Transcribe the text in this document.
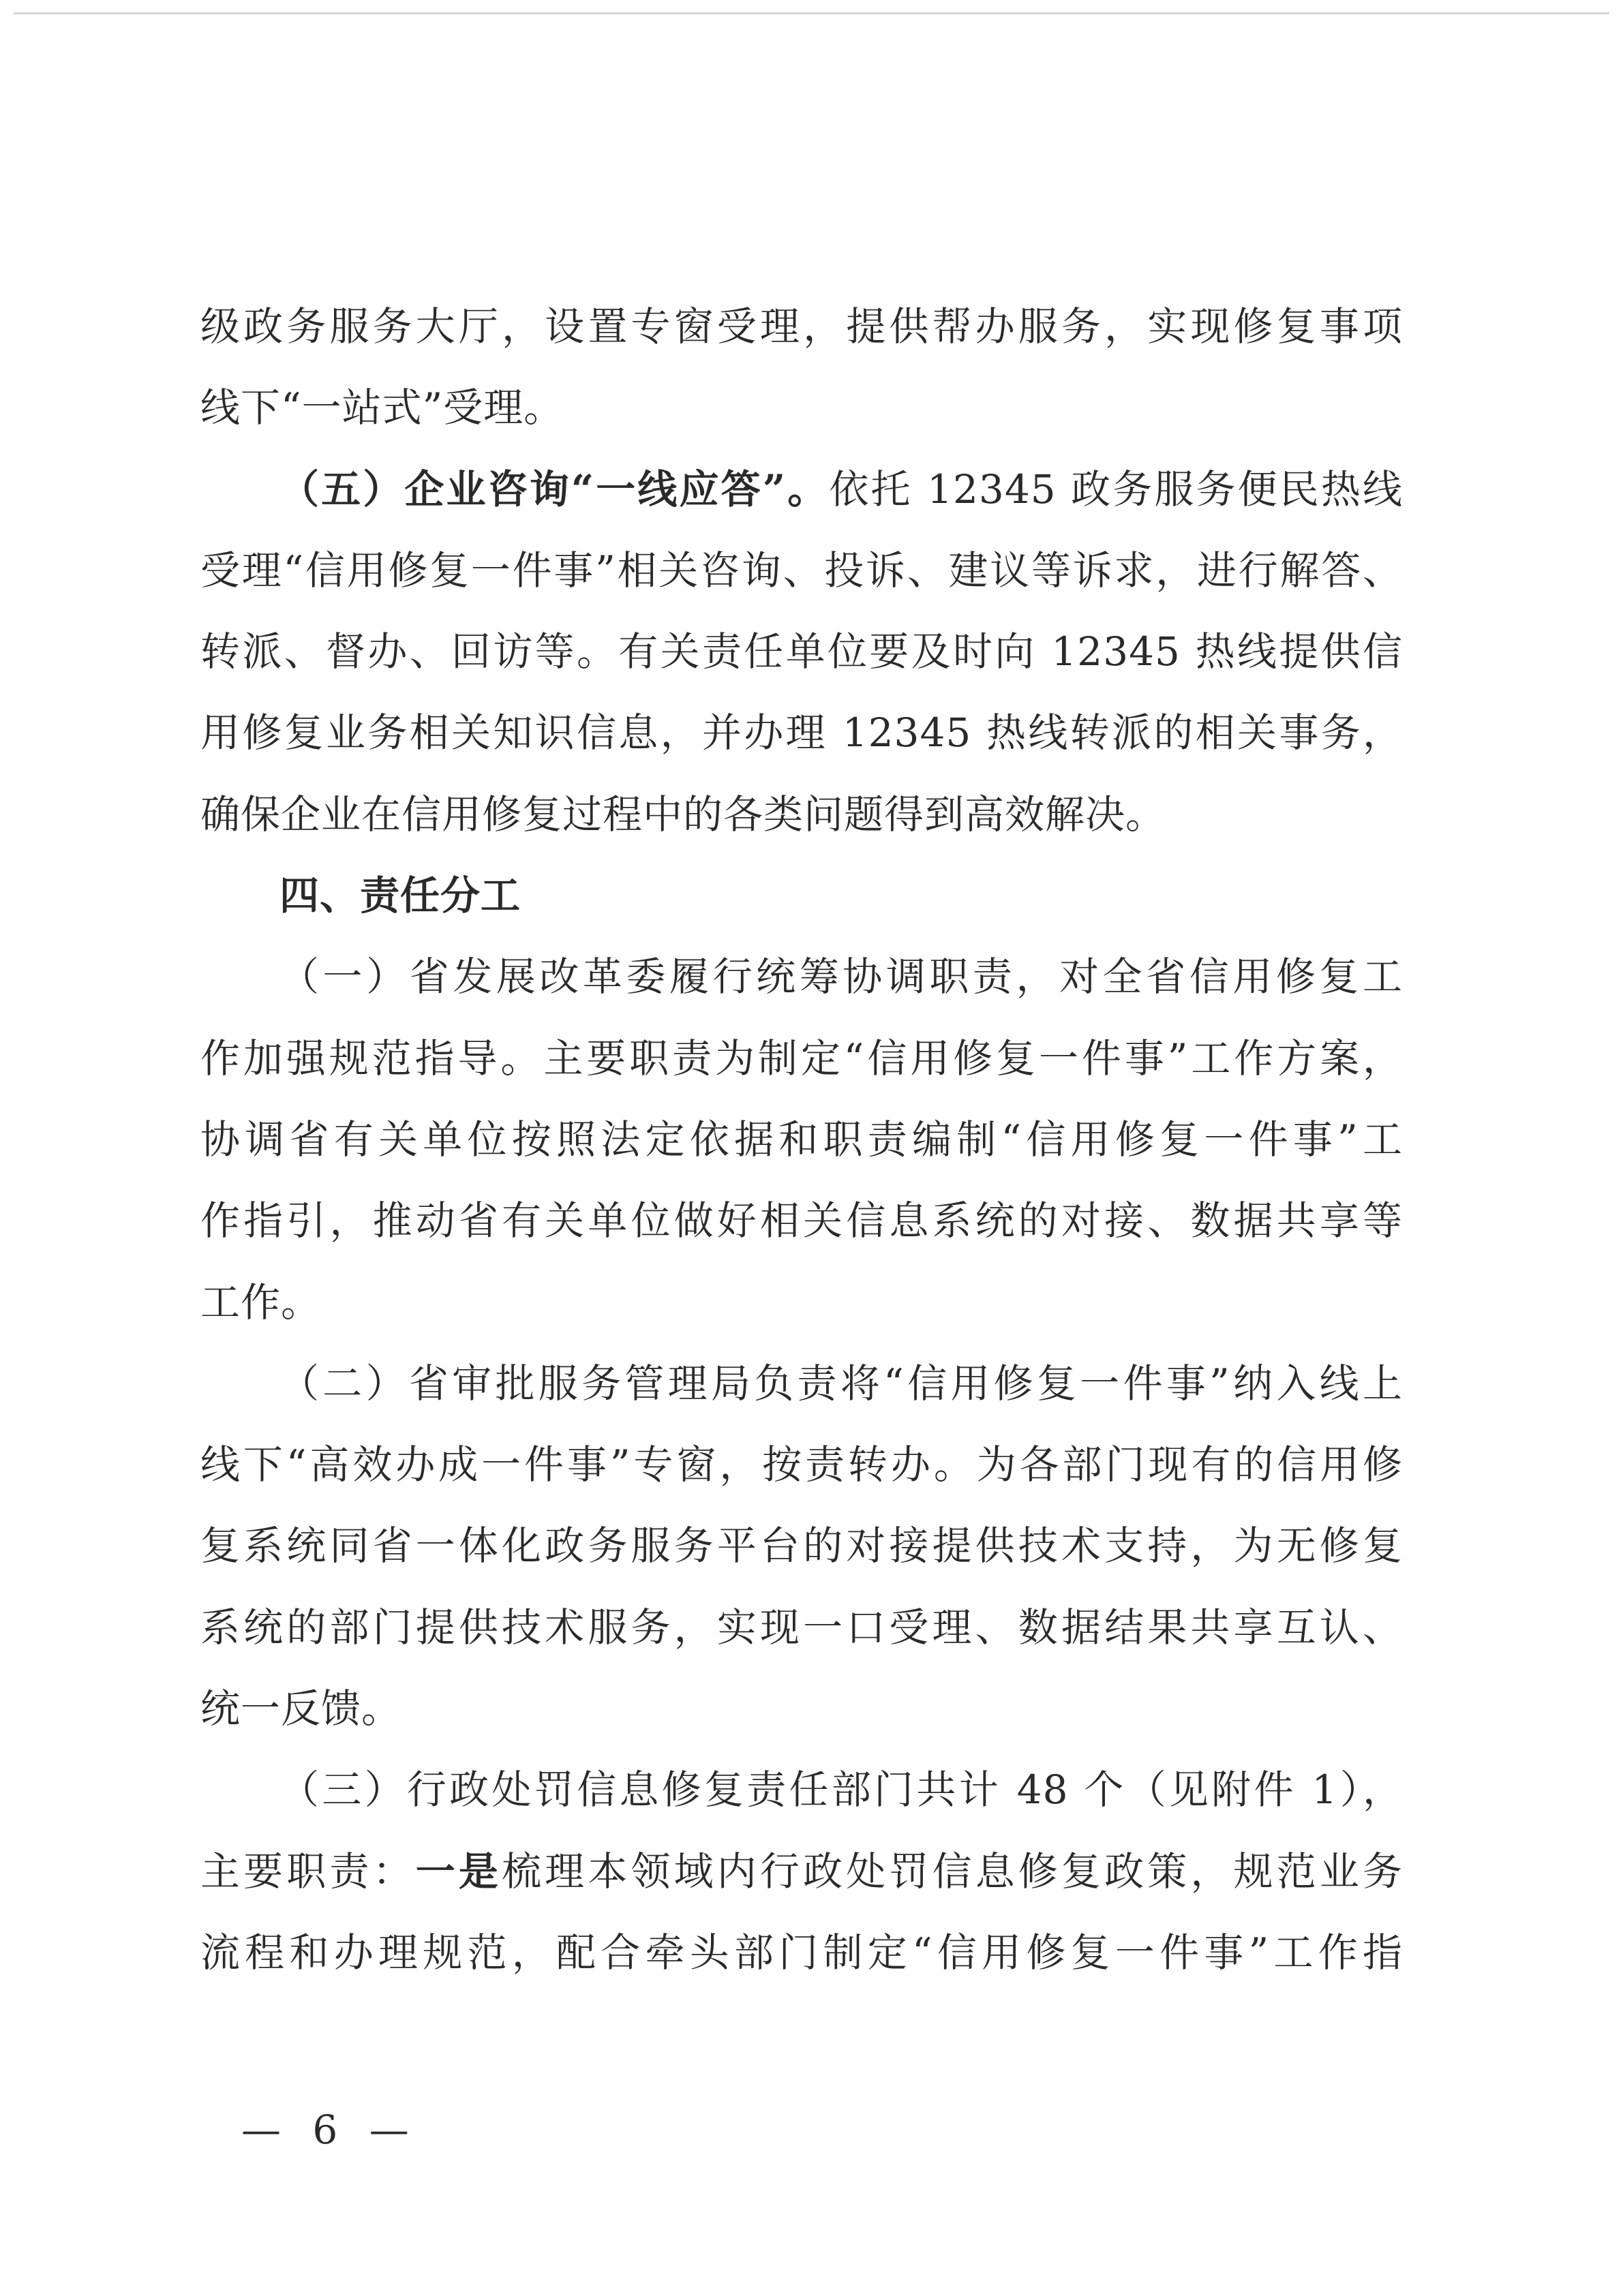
级政务服务大厅，设置专窗受理，提供帮办服务，实现修复事项
线下“一站式”受理。
（五）企业咨询“一线应答”。依托 12345 政务服务便民热线
受理“信用修复一件事”相关咨询、投诉、建议等诉求，进行解答、
转派、督办、回访等。有关责任单位要及时向 12345 热线提供信
用修复业务相关知识信息，并办理 12345 热线转派的相关事务，
确保企业在信用修复过程中的各类问题得到高效解决。
四、责任分工
（一）省发展改革委履行统筹协调职责，对全省信用修复工
作加强规范指导。主要职责为制定“信用修复一件事”工作方案，
协调省有关单位按照法定依据和职责编制“信用修复一件事”工
作指引，推动省有关单位做好相关信息系统的对接、数据共享等
工作。
（二）省审批服务管理局负责将“信用修复一件事”纳入线上
线下“高效办成一件事”专窗，按责转办。为各部门现有的信用修
复系统同省一体化政务服务平台的对接提供技术支持，为无修复
系统的部门提供技术服务，实现一口受理、数据结果共享互认、
统一反馈。
（三）行政处罚信息修复责任部门共计 48 个（见附件 1），
主要职责：一是梳理本领域内行政处罚信息修复政策，规范业务
流程和办理规范，配合牵头部门制定“信用修复一件事”工作指
— 6 —
